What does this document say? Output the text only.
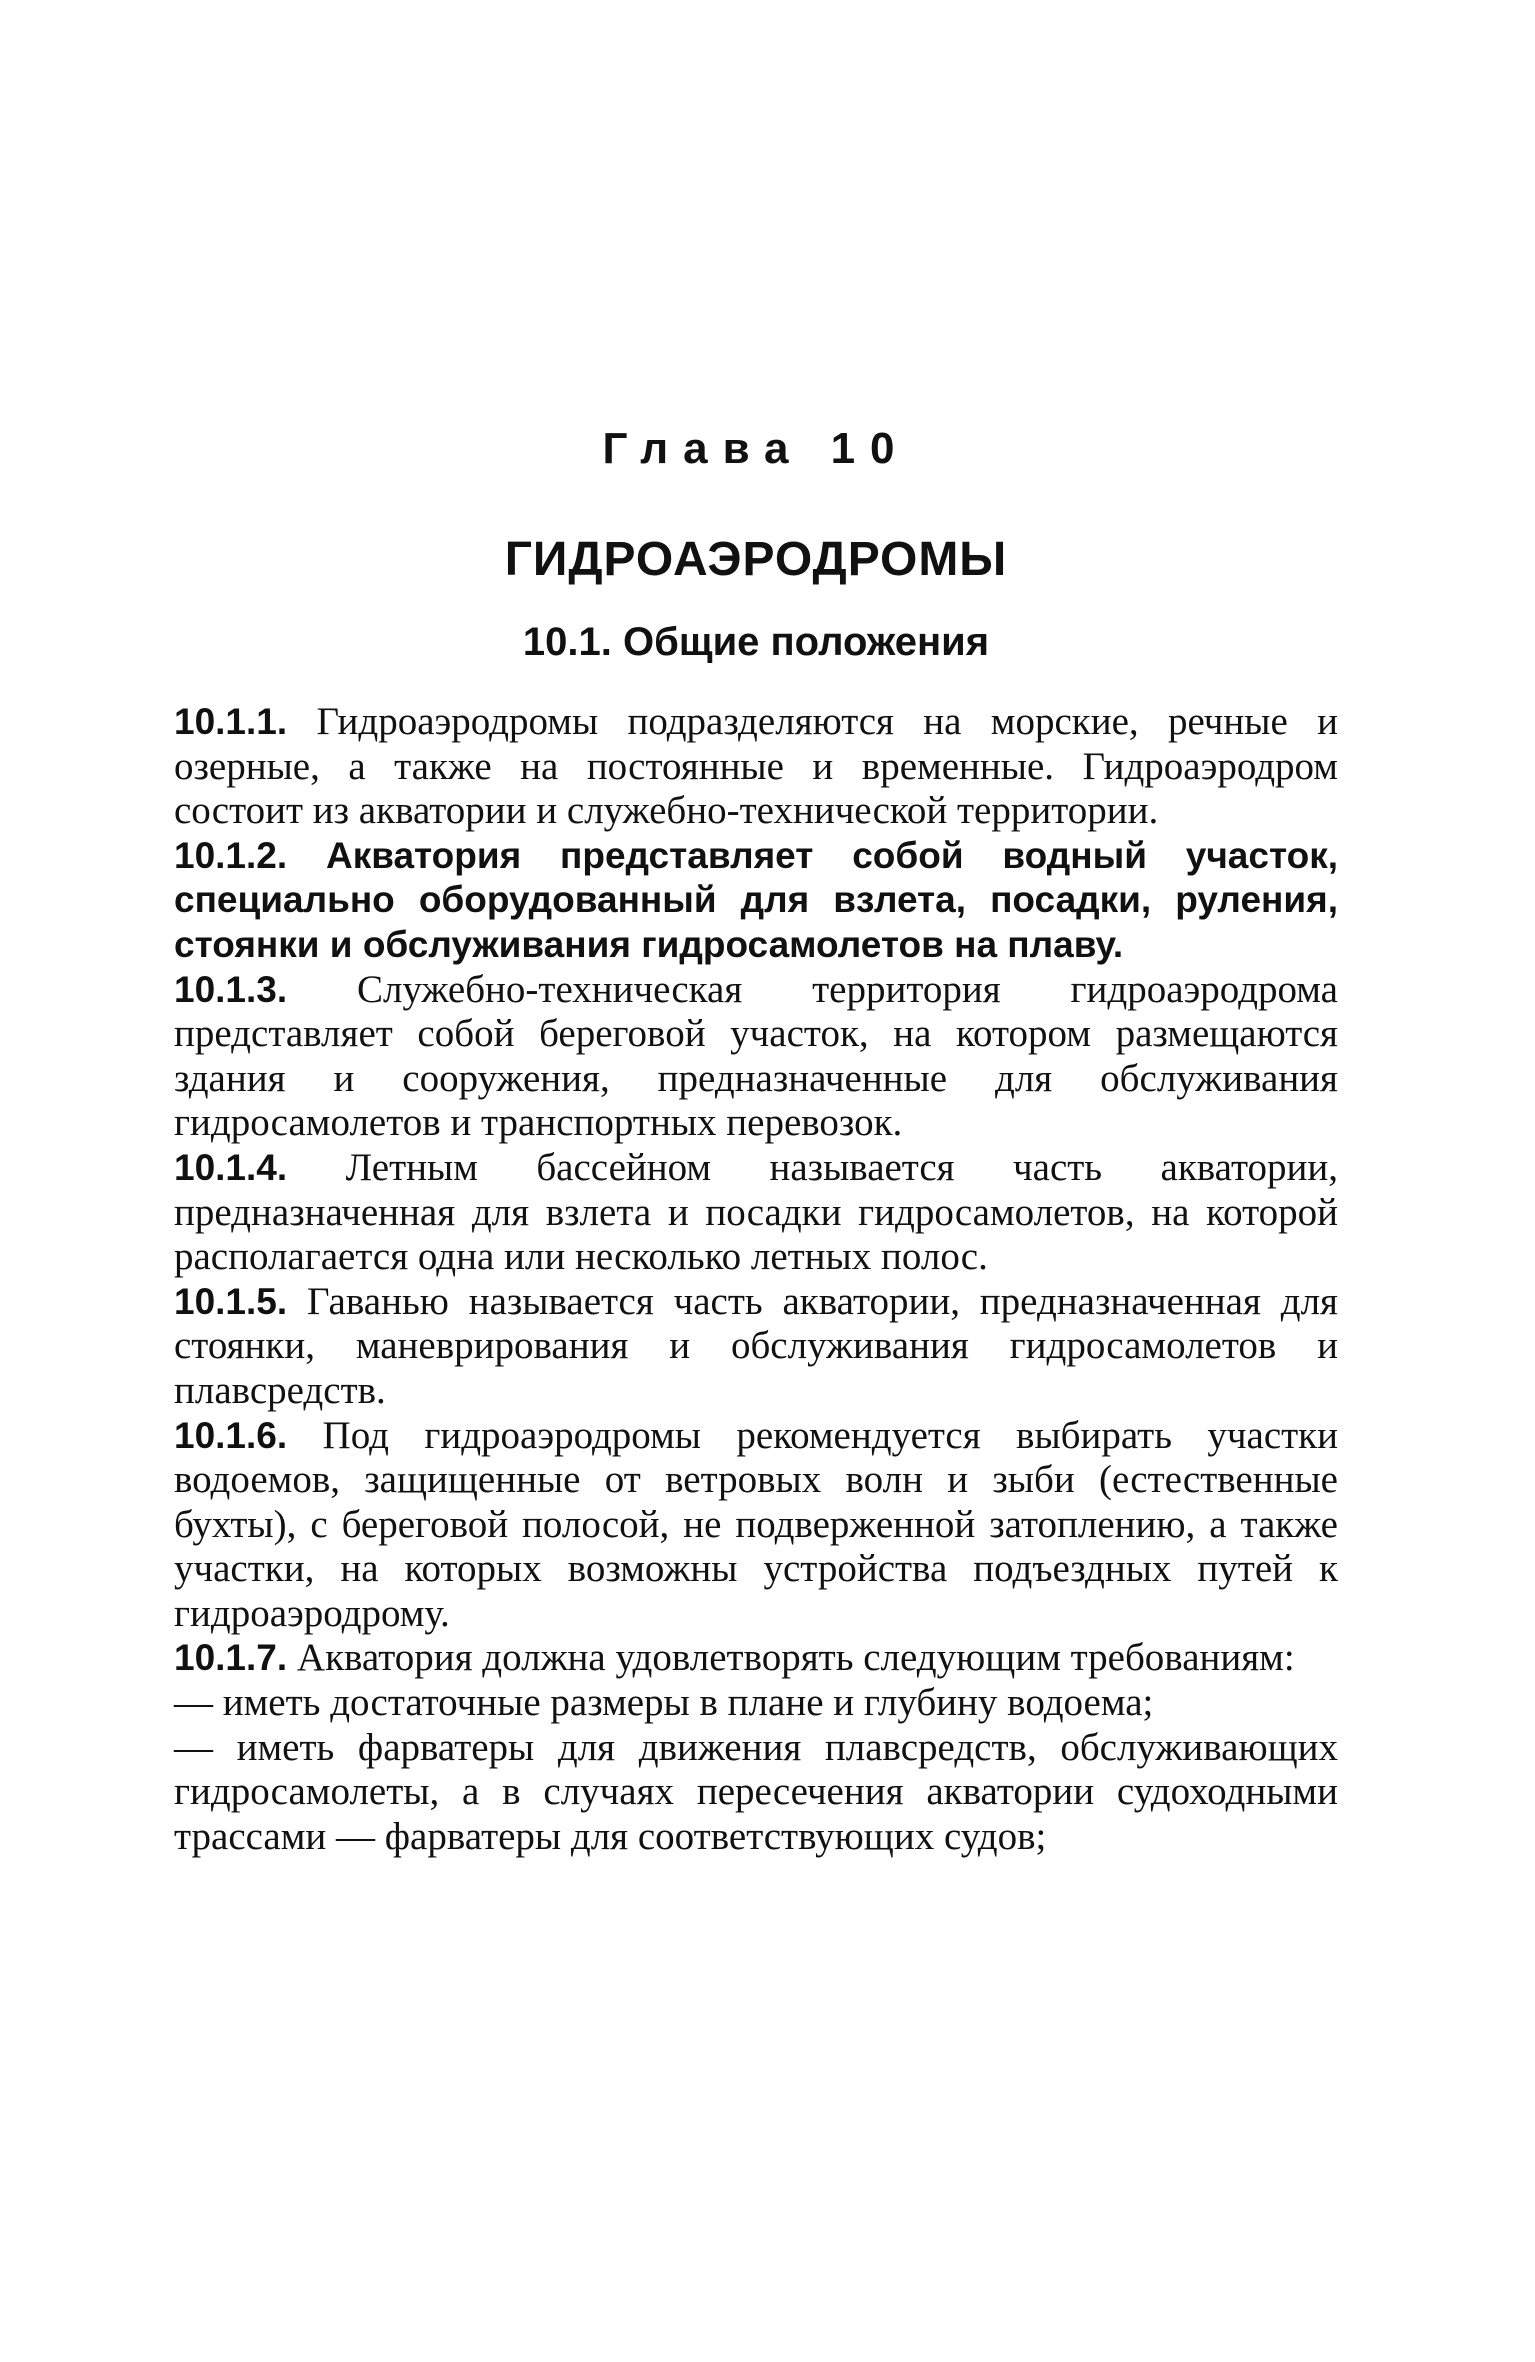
Глава 10
ГИДРОАЭРОДРОМЫ
10.1. Общие положения

10.1.1. Гидроаэродромы подразделяются на морские, речные и озерные, а также на постоянные и временные. Гидроаэродром состоит из акватории и служебно-технической территории.

10.1.2. Акватория представляет собой водный участок, специально оборудованный для взлета, посадки, руления, стоянки и обслуживания гидросамолетов на плаву.

10.1.3. Служебно-техническая территория гидроаэродрома представляет собой береговой участок, на котором размещаются здания и сооружения, предназначенные для обслуживания гидросамолетов и транспортных перевозок.

10.1.4. Летным бассейном называется часть акватории, предназначенная для взлета и посадки гидросамолетов, на которой располагается одна или несколько летных полос.

10.1.5. Гаванью называется часть акватории, предназначенная для стоянки, маневрирования и обслуживания гидросамолетов и плавсредств.

10.1.6. Под гидроаэродромы рекомендуется выбирать участки водоемов, защищенные от ветровых волн и зыби (естественные бухты), с береговой полосой, не подверженной затоплению, а также участки, на которых возможны устройства подъездных путей к гидроаэродрому.

10.1.7. Акватория должна удовлетворять следующим требованиям:

— иметь достаточные размеры в плане и глубину водоема;

— иметь фарватеры для движения плавсредств, обслуживающих гидросамолеты, а в случаях пересечения акватории судоходными трассами — фарватеры для соответствующих судов;
